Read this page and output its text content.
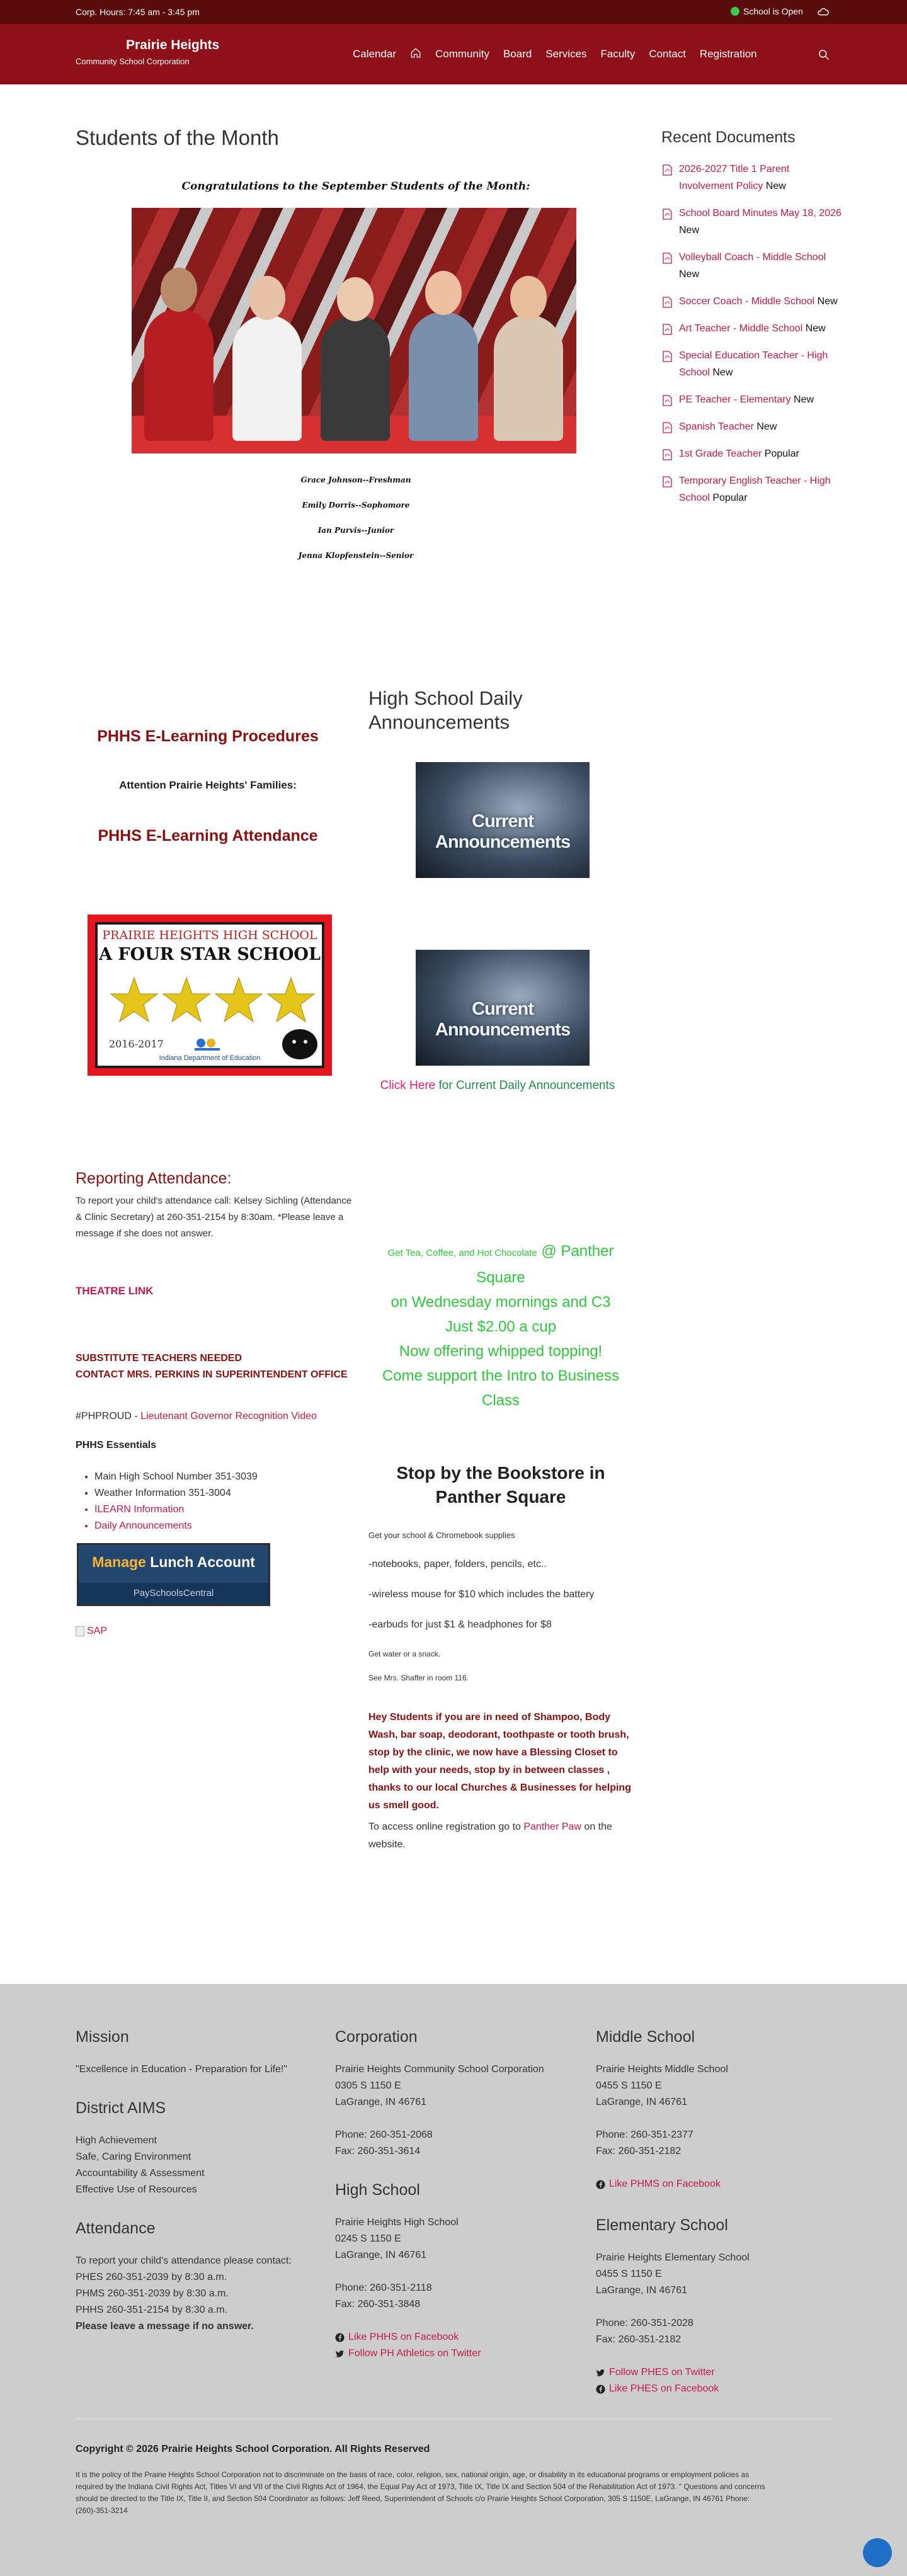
Corp. Hours: 7:45 am - 3:45 pm	School is Open
Prairie Heights
Community School Corporation
Calendar	Community Board Services Faculty Contact Registration
Students of the Month
Congratulations to the September Students of the Month:
Grace Johnson--Freshman
Emily Dorris--Sophomore
Ian Purvis--Junior
Jenna Klopfenstein--Senior
Recent Documents
2026-2027 Title 1 Parent Involvement Policy New
School Board Minutes May 18, 2026 New
Volleyball Coach - Middle School New
Soccer Coach - Middle School New
Art Teacher - Middle School New
Special Education Teacher - High School New
PE Teacher - Elementary New
Spanish Teacher New
1st Grade Teacher Popular
Temporary English Teacher - High School Popular
PHHS E-Learning Procedures
Attention Prairie Heights' Families:
PHHS E-Learning Attendance
High School Daily Announcements
Current Announcements
Current Announcements
Click Here for Current Daily Announcements
PRAIRIE HEIGHTS HIGH SCHOOL
A FOUR STAR SCHOOL
2016-2017
Indiana Department of Education
Reporting Attendance:

To report your child's attendance call: Kelsey Sichling (Attendance & Clinic Secretary) at 260-351-2154 by 8:30am. *Please leave a message if she does not answer.

THEATRE LINK
SUBSTITUTE TEACHERS NEEDED
CONTACT MRS. PERKINS IN SUPERINTENDENT OFFICE
#PHPROUD - Lieutenant Governor Recognition Video
PHHS Essentials
• Main High School Number 351-3039
• Weather Information 351-3004
• ILEARN Information
• Daily Announcements
Manage Lunch Account
PaySchoolsCentral
SAP
Get Tea, Coffee, and Hot Chocolate @ Panther Square
on Wednesday mornings and C3
Just $2.00 a cup
Now offering whipped topping!
Come support the Intro to Business Class
Stop by the Bookstore in Panther Square

Get your school & Chromebook supplies

-notebooks, paper, folders, pencils, etc..

-wireless mouse for $10 which includes the battery

-earbuds for just $1 & headphones for $8

Get water or a snack.

See Mrs. Shaffer in room 116.

Hey Students if you are in need of Shampoo, Body Wash, bar soap, deodorant, toothpaste or tooth brush, stop by the clinic, we now have a Blessing Closet to help with your needs, stop by in between classes , thanks to our local Churches & Businesses for helping us smell good.
To access online registration go to Panther Paw on the website.
Mission

"Excellence in Education - Preparation for Life!"

District AIMS

High Achievement

Safe, Caring Environment

Accountability & Assessment

Effective Use of Resources

Attendance

To report your child's attendance please contact:

PHES 260-351-2039 by 8:30 a.m.

PHMS 260-351-2039 by 8:30 a.m.

PHHS 260-351-2154 by 8:30 a.m.

Please leave a message if no answer.

Corporation

Prairie Heights Community School Corporation

0305 S 1150 E

LaGrange, IN 46761

Phone: 260-351-2068

Fax: 260-351-3614

High School

Prairie Heights High School

0245 S 1150 E

LaGrange, IN 46761

Phone: 260-351-2118

Fax: 260-351-3848

Like PHHS on Facebook
Follow PH Athletics on Twitter
Middle School

Prairie Heights Middle School

0455 S 1150 E

LaGrange, IN 46761

Phone: 260-351-2377

Fax: 260-351-2182

Like PHMS on Facebook
Elementary School

Prairie Heights Elementary School

0455 S 1150 E

LaGrange, IN 46761

Phone: 260-351-2028

Fax: 260-351-2182

Follow PHES on Twitter
Like PHES on Facebook
Copyright © 2026 Prairie Heights School Corporation. All Rights Reserved
It is the policy of the Prairie Heights School Corporation not to discriminate on the basis of race, color, religion, sex, national origin, age, or disability in its educational programs or employment policies as required by the Indiana Civil Rights Act, Titles VI and VII of the Civil Rights Act of 1964, the Equal Pay Act of 1973, Title IX, Title IX and Section 504 of the Rehabilitation Act of 1973. " Questions and concerns should be directed to the Title IX, Title II, and Section 504 Coordinator as follows: Jeff Reed, Superintendent of Schools c/o Prairie Heights School Corporation, 305 S 1150E, LaGrange, IN 46761 Phone: (260)-351-3214
